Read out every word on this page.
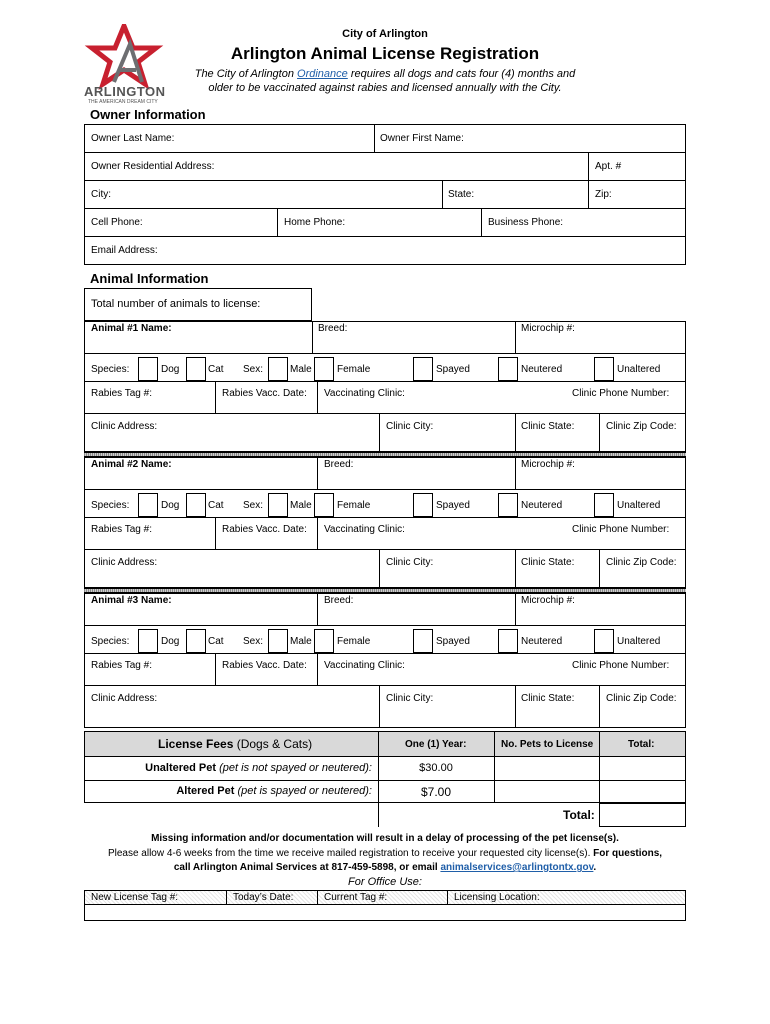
ARLINGTON
THE AMERICAN DREAM CITY
City of Arlington
Arlington Animal License Registration
The City of Arlington Ordinance requires all dogs and cats four (4) months and
older to be vaccinated against rabies and licensed annually with the City.
Owner Information
Owner Last Name:	Owner First Name:
Owner Residential Address:	Apt. #
City:	State:	Zip:
Cell Phone:	Home Phone:	Business Phone:
Email Address:
Animal Information
Total number of animals to license:
Animal #1 Name:	Breed:	Microchip #:
Species:	Dog	Cat Sex:	Male	Female	Spayed	Neutered	Unaltered
Rabies Tag #:	Rabies Vacc. Date: Vaccinating Clinic:	Clinic Phone Number:
Clinic Address:	Clinic City:	Clinic State:	Clinic Zip Code:
Animal #2 Name:	Breed:	Microchip #:
Species:	Dog	Cat Sex:	Male	Female	Spayed	Neutered	Unaltered
Rabies Tag #:	Rabies Vacc. Date: Vaccinating Clinic:	Clinic Phone Number:
Clinic Address:	Clinic City:	Clinic State:	Clinic Zip Code:
Animal #3 Name:	Breed:	Microchip #:
Species:	Dog	Cat Sex:	Male	Female	Spayed	Neutered	Unaltered
Rabies Tag #:	Rabies Vacc. Date: Vaccinating Clinic:	Clinic Phone Number:
Clinic Address:	Clinic City:	Clinic State:	Clinic Zip Code:
License Fees (Dogs & Cats)	One (1) Year:	No. Pets to License	Total:
Unaltered Pet (pet is not spayed or neutered):	$30.00
Altered Pet (pet is spayed or neutered):	$7.00
Total:
Missing information and/or documentation will result in a delay of processing of the pet license(s).
Please allow 4-6 weeks from the time we receive mailed registration to receive your requested city license(s). For questions,
call Arlington Animal Services at 817-459-5898, or email animalservices@arlingtontx.gov.
For Office Use:
New License Tag #:	Today’s Date:	Current Tag #:	Licensing Location:
